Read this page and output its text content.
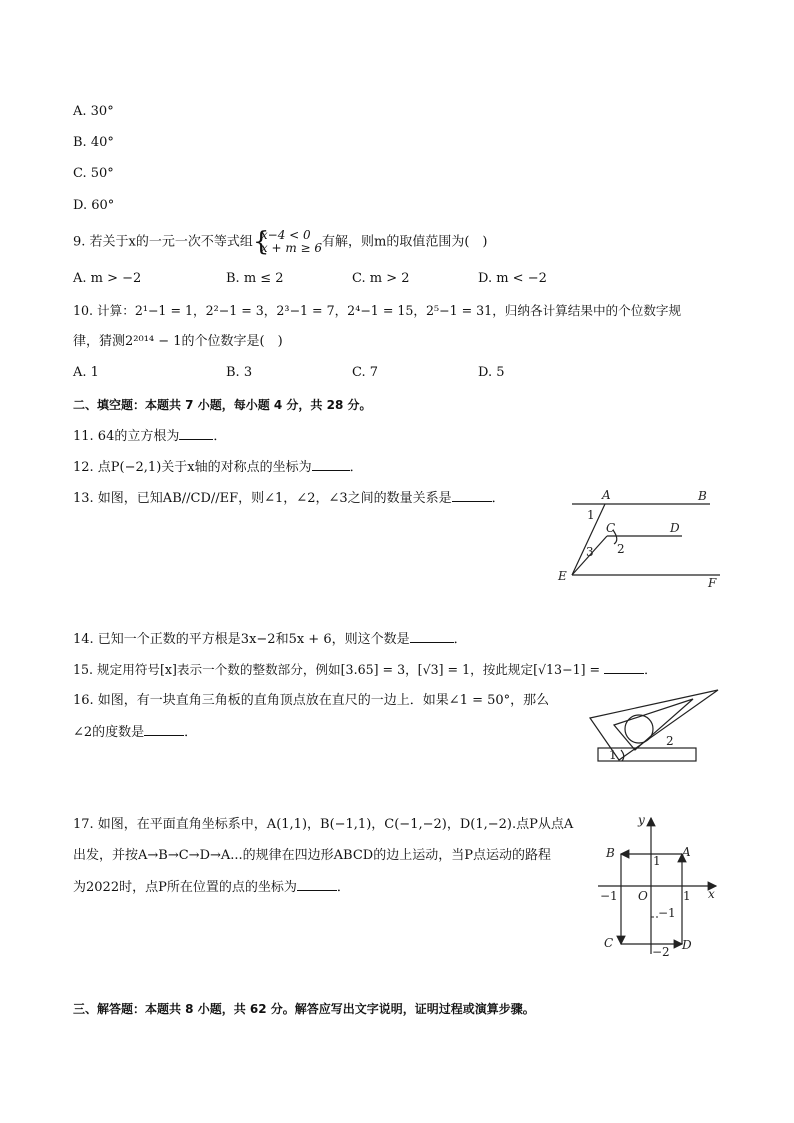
A. 30°
B. 40°
C. 50°
D. 60°
9. 若关于x的一元一次不等式组 {
x−4 < 0
x + m ≥ 6 有解，则m的取值范围为(　)
A. m > −2	B. m ≤ 2	C. m > 2	D. m < −2
10. 计算：2¹−1 = 1，2²−1 = 3，2³−1 = 7，2⁴−1 = 15，2⁵−1 = 31，归纳各计算结果中的个位数字规
律，猜测2²⁰¹⁴ − 1的个位数字是(　)
A. 1	B. 3	C. 7	D. 5
二、填空题：本题共 7 小题，每小题 4 分，共 28 分。
11. 64的立方根为	．
12. 点P(−2,1)关于x轴的对称点的坐标为	．
13. 如图，已知AB//CD//EF，则∠1，∠2，∠3之间的数量关系是	．	A	B
C	D
E	F
1
2
3
14. 已知一个正数的平方根是3x−2和5x + 6，则这个数是	．
15. 规定用符号[x]表示一个数的整数部分，例如[3.65] = 3，[√3] = 1，按此规定[√13−1] =	．
16. 如图，有一块直角三角板的直角顶点放在直尺的一边上．如果∠1 = 50°，那么
∠2的度数是	．
2
1
17. 如图，在平面直角坐标系中，A(1,1)，B(−1,1)，C(−1,−2)，D(1,−2).点P从点A
出发，并按A→B→C→D→A...的规律在四边形ABCD的边上运动，当P点运动的路程
为2022时，点P所在位置的点的坐标为	．
y
x
O
A
B
C	D
1
−1	1
−1
−2
三、解答题：本题共 8 小题，共 62 分。解答应写出文字说明，证明过程或演算步骤。
